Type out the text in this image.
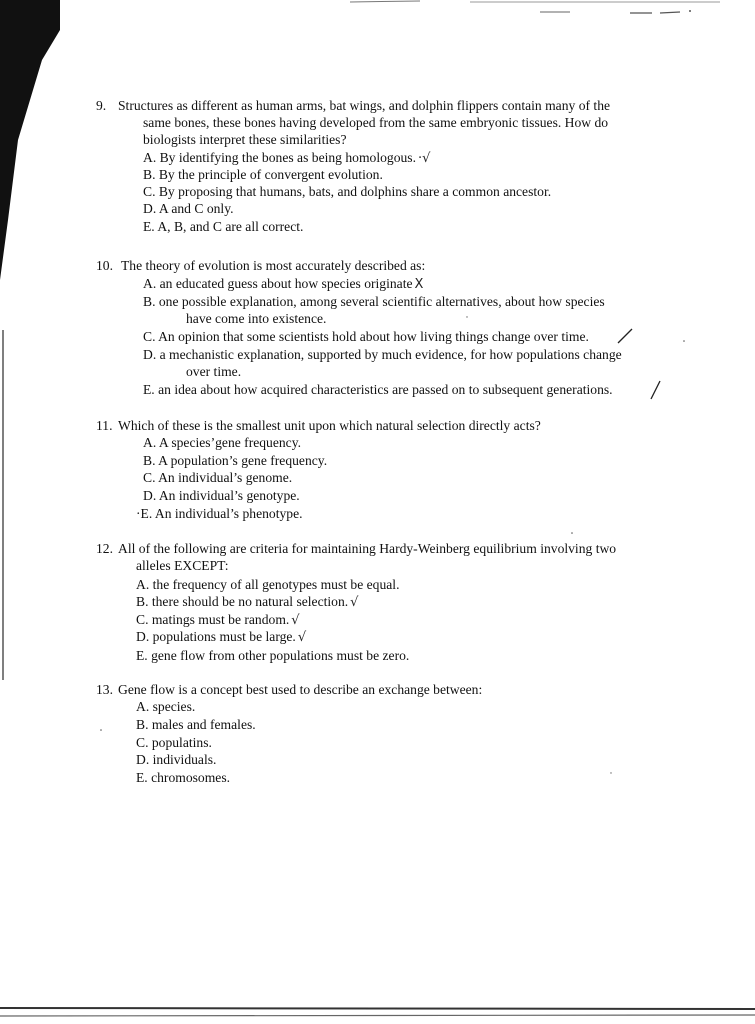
9. Structures as different as human arms, bat wings, and dolphin flippers contain many of the
same bones, these bones having developed from the same embryonic tissues. How do
biologists interpret these similarities?
A. By identifying the bones as being homologous. ·√
B. By the principle of convergent evolution.
C. By proposing that humans, bats, and dolphins share a common ancestor.
D. A and C only.
E. A, B, and C are all correct.
10. The theory of evolution is most accurately described as:
A. an educated guess about how species originate X
B. one possible explanation, among several scientific alternatives, about how species
have come into existence.
C. An opinion that some scientists hold about how living things change over time.
D. a mechanistic explanation, supported by much evidence, for how populations change
over time.
E. an idea about how acquired characteristics are passed on to subsequent generations.
11. Which of these is the smallest unit upon which natural selection directly acts?
A. A species’gene frequency.
B. A population’s gene frequency.
C. An individual’s genome.
D. An individual’s genotype.
·E. An individual’s phenotype.
12. All of the following are criteria for maintaining Hardy-Weinberg equilibrium involving two
alleles EXCEPT:
A. the frequency of all genotypes must be equal.
B. there should be no natural selection. √
C. matings must be random. √
D. populations must be large. √
E. gene flow from other populations must be zero.
13. Gene flow is a concept best used to describe an exchange between:
A. species.
B. males and females.
C. populatins.
D. individuals.
E. chromosomes.
